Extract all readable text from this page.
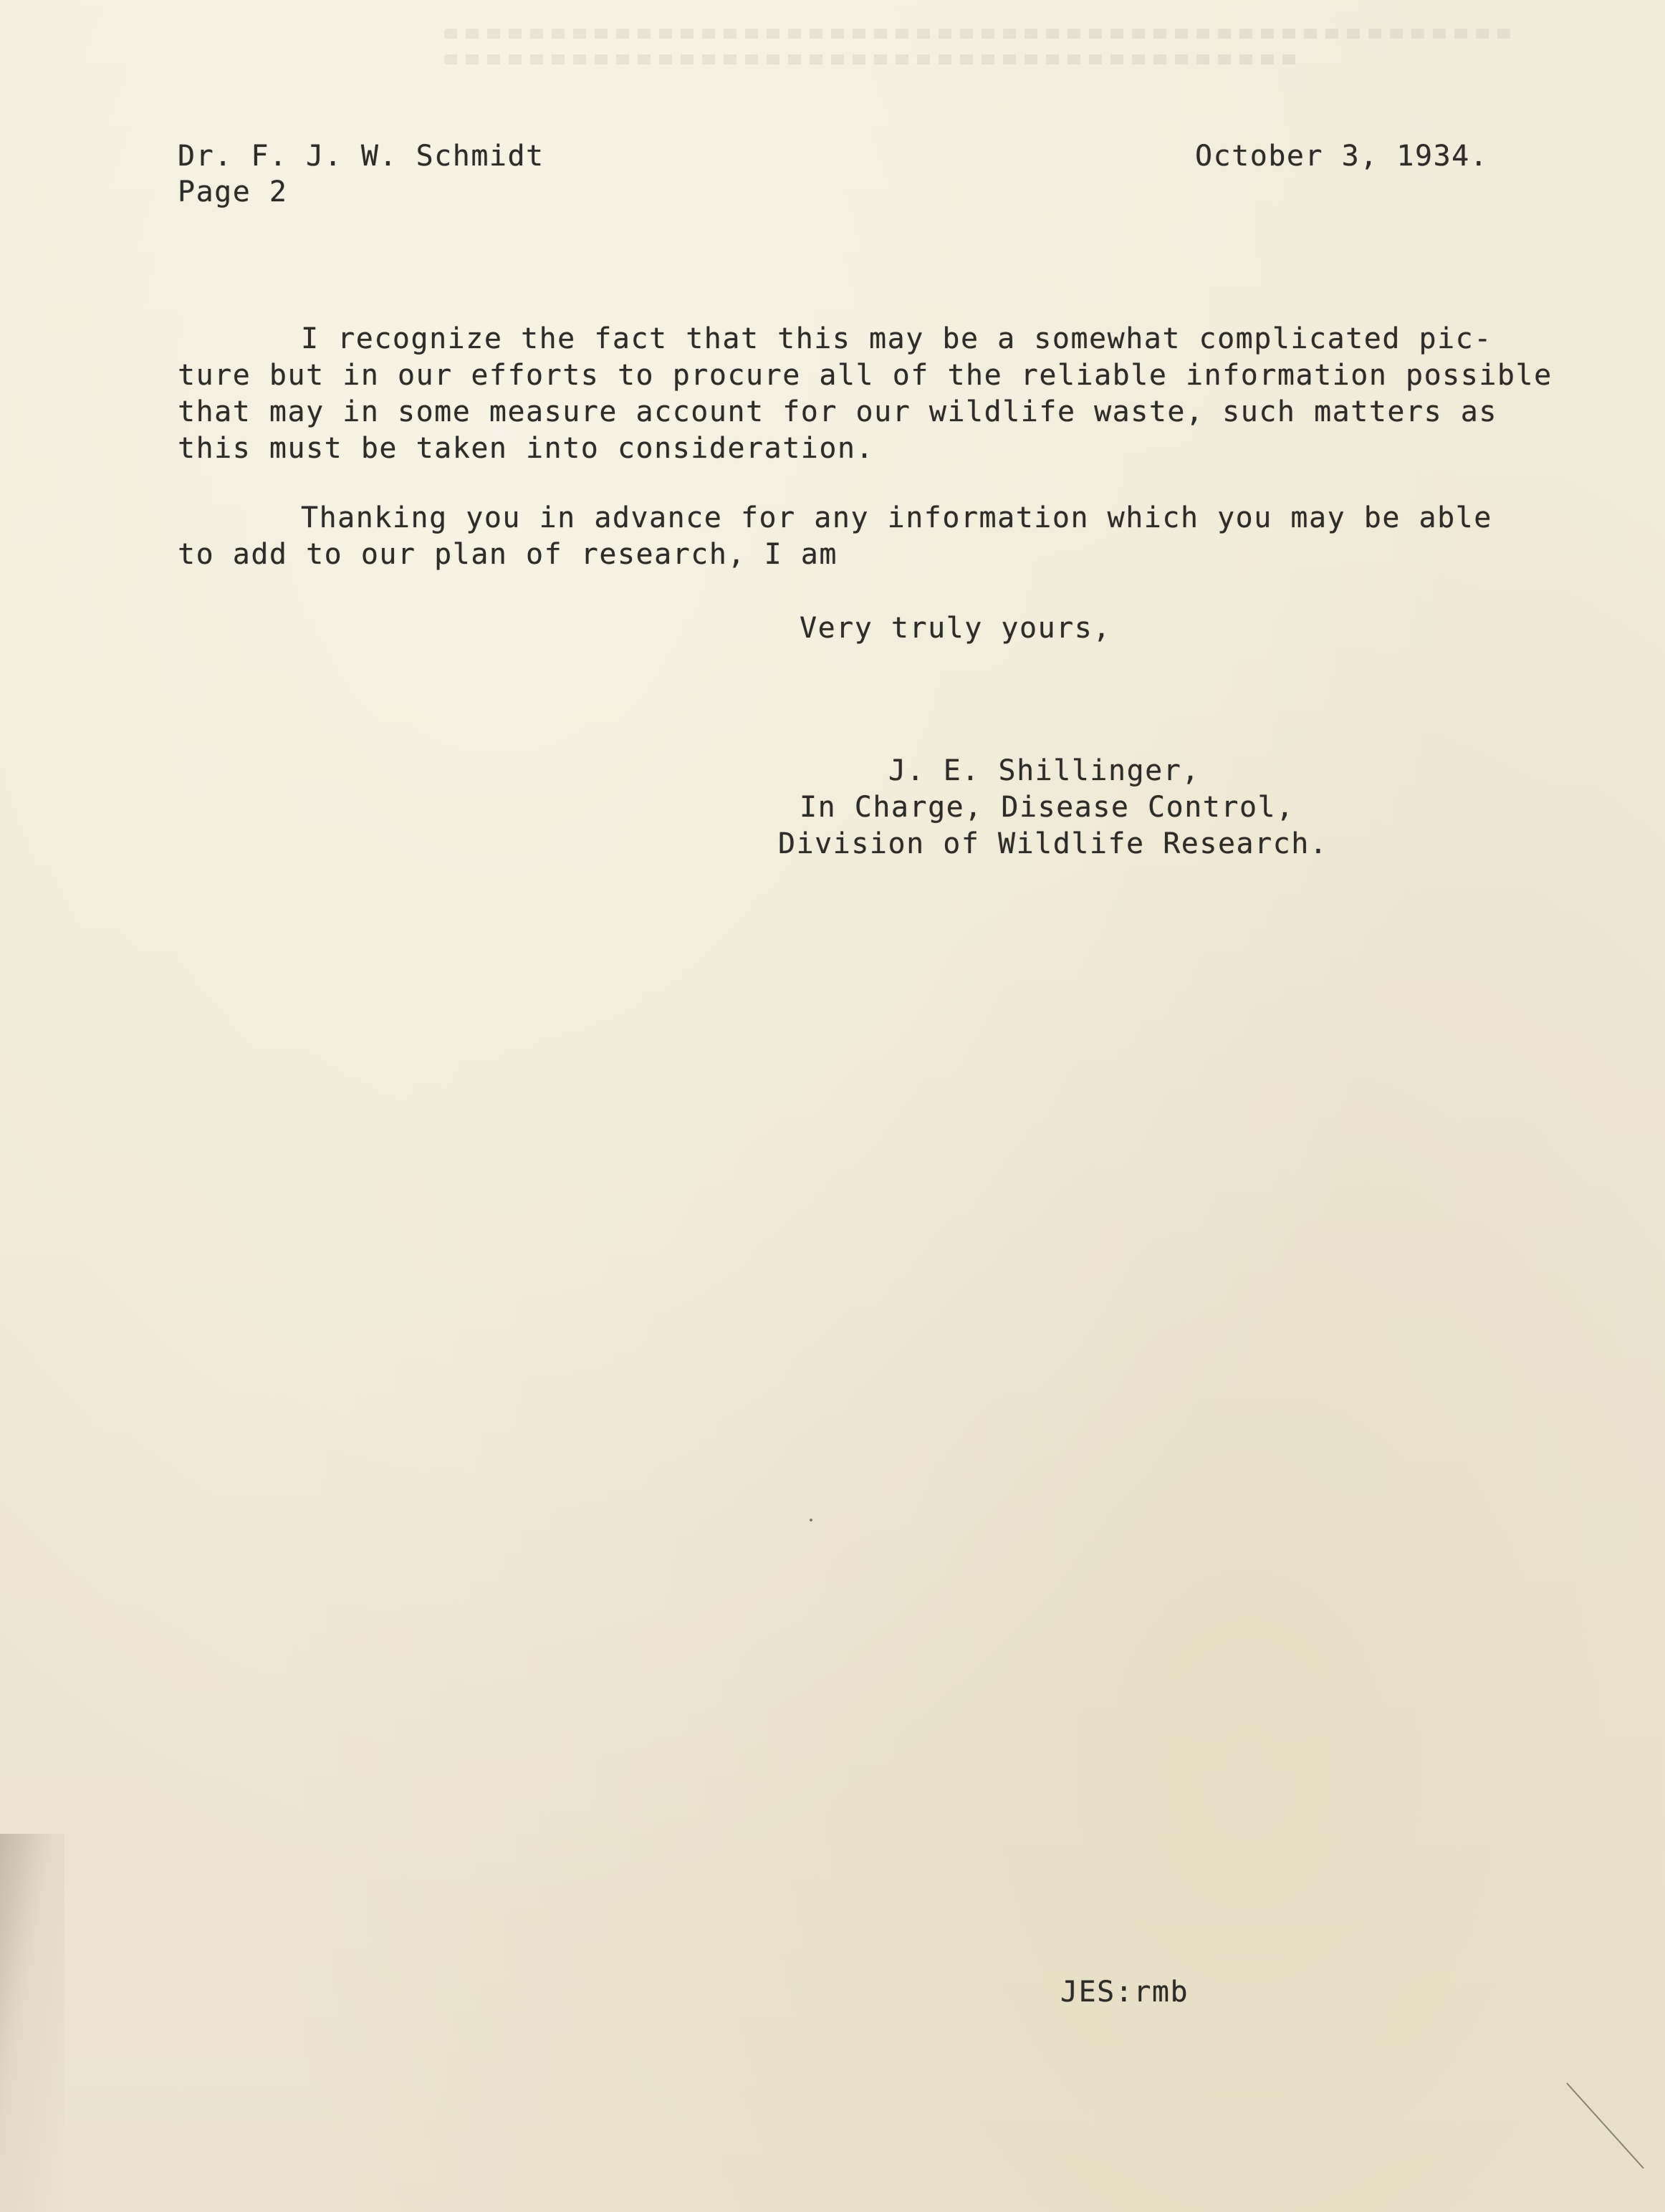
Dr. F. J. W. Schmidt
Page 2
October 3, 1934.
I recognize the fact that this may be a somewhat complicated pic-
ture but in our efforts to procure all of the reliable information possible
that may in some measure account for our wildlife waste, such matters as
this must be taken into consideration.
Thanking you in advance for any information which you may be able
to add to our plan of research, I am
Very truly yours,
J. E. Shillinger,
In Charge, Disease Control,
Division of Wildlife Research.
JES:rmb
